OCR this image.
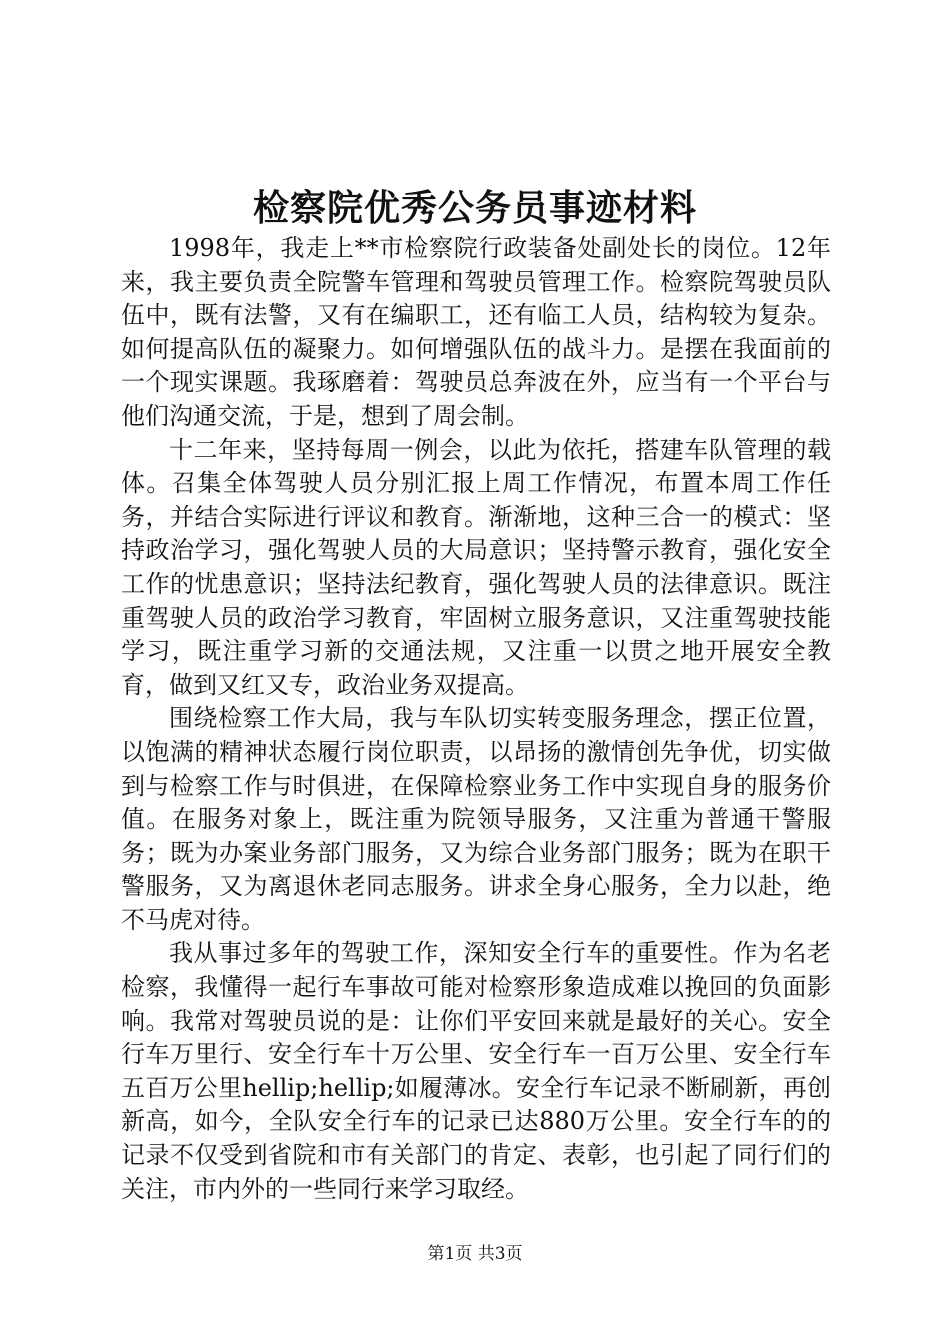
检察院优秀公务员事迹材料

1998年，我走上**市检察院行政装备处副处长的岗位。12年来，我主要负责全院警车管理和驾驶员管理工作。检察院驾驶员队伍中，既有法警，又有在编职工，还有临工人员，结构较为复杂。如何提高队伍的凝聚力。如何增强队伍的战斗力。是摆在我面前的一个现实课题。我琢磨着：驾驶员总奔波在外，应当有一个平台与他们沟通交流，于是，想到了周会制。

十二年来，坚持每周一例会，以此为依托，搭建车队管理的载体。召集全体驾驶人员分别汇报上周工作情况，布置本周工作任务，并结合实际进行评议和教育。渐渐地，这种三合一的模式：坚持政治学习，强化驾驶人员的大局意识；坚持警示教育，强化安全工作的忧患意识；坚持法纪教育，强化驾驶人员的法律意识。既注重驾驶人员的政治学习教育，牢固树立服务意识，又注重驾驶技能学习，既注重学习新的交通法规，又注重一以贯之地开展安全教育，做到又红又专，政治业务双提高。

围绕检察工作大局，我与车队切实转变服务理念，摆正位置，以饱满的精神状态履行岗位职责，以昂扬的激情创先争优，切实做到与检察工作与时俱进，在保障检察业务工作中实现自身的服务价值。在服务对象上，既注重为院领导服务，又注重为普通干警服务；既为办案业务部门服务，又为综合业务部门服务；既为在职干警服务，又为离退休老同志服务。讲求全身心服务，全力以赴，绝不马虎对待。

我从事过多年的驾驶工作，深知安全行车的重要性。作为名老检察，我懂得一起行车事故可能对检察形象造成难以挽回的负面影响。我常对驾驶员说的是：让你们平安回来就是最好的关心。安全行车万里行、安全行车十万公里、安全行车一百万公里、安全行车五百万公里hellip;hellip;如履薄冰。安全行车记录不断刷新，再创新高，如今，全队安全行车的记录已达880万公里。安全行车的的记录不仅受到省院和市有关部门的肯定、表彰，也引起了同行们的关注，市内外的一些同行来学习取经。

第1页 共3页
